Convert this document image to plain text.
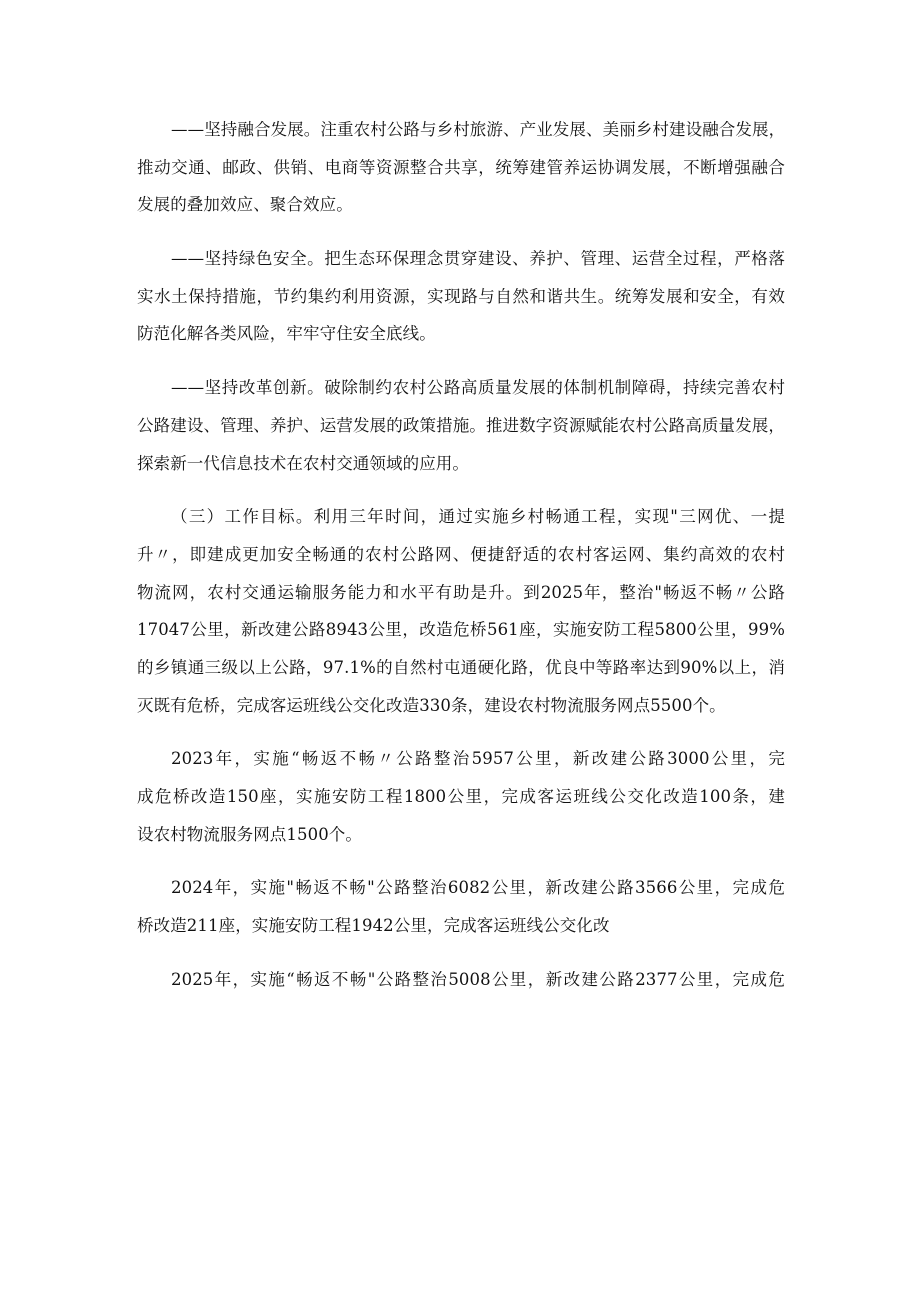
——坚持融合发展。注重农村公路与乡村旅游、产业发展、美丽乡村建设融合发展，
推动交通、邮政、供销、电商等资源整合共享，统筹建管养运协调发展，不断增强融合
发展的叠加效应、聚合效应。
——坚持绿色安全。把生态环保理念贯穿建设、养护、管理、运营全过程，严格落
实水土保持措施，节约集约利用资源，实现路与自然和谐共生。统筹发展和安全，有效
防范化解各类风险，牢牢守住安全底线。
——坚持改革创新。破除制约农村公路高质量发展的体制机制障碍，持续完善农村
公路建设、管理、养护、运营发展的政策措施。推进数字资源赋能农村公路高质量发展，
探索新一代信息技术在农村交通领域的应用。
（三）工作目标。利用三年时间，通过实施乡村畅通工程，实现"三网优、一提
升〃，即建成更加安全畅通的农村公路网、便捷舒适的农村客运网、集约高效的农村
物流网，农村交通运输服务能力和水平有助是升。到2025年，整治"畅返不畅〃公路
17047公里，新改建公路8943公里，改造危桥561座，实施安防工程5800公里，99%
的乡镇通三级以上公路，97.1%的自然村屯通硬化路，优良中等路率达到90%以上，消
灭既有危桥，完成客运班线公交化改造330条，建设农村物流服务网点5500个。
2023年，实施“畅返不畅〃公路整治5957公里，新改建公路3000公里，完
成危桥改造150座，实施安防工程1800公里，完成客运班线公交化改造100条，建
设农村物流服务网点1500个。
2024年，实施"畅返不畅"公路整治6082公里，新改建公路3566公里，完成危
桥改造211座，实施安防工程1942公里，完成客运班线公交化改
2025年，实施“畅返不畅"公路整治5008公里，新改建公路2377公里，完成危
